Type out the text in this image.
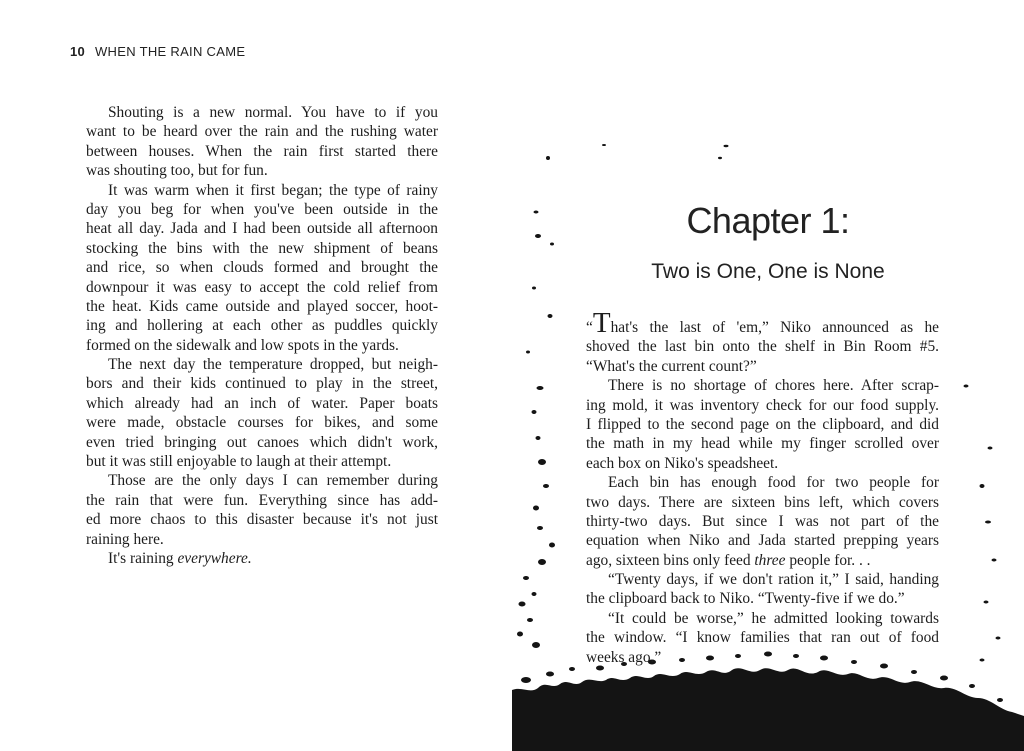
10 WHEN THE RAIN CAME
Shouting is a new normal. You have to if you
want to be heard over the rain and the rushing water
between houses. When the rain first started there
was shouting too, but for fun.
It was warm when it first began; the type of rainy
day you beg for when you've been outside in the
heat all day. Jada and I had been outside all afternoon
stocking the bins with the new shipment of beans
and rice, so when clouds formed and brought the
downpour it was easy to accept the cold relief from
the heat. Kids came outside and played soccer, hoot-
ing and hollering at each other as puddles quickly
formed on the sidewalk and low spots in the yards.
The next day the temperature dropped, but neigh-
bors and their kids continued to play in the street,
which already had an inch of water. Paper boats
were made, obstacle courses for bikes, and some
even tried bringing out canoes which didn't work,
but it was still enjoyable to laugh at their attempt.
Those are the only days I can remember during
the rain that were fun. Everything since has add-
ed more chaos to this disaster because it's not just
raining here.
It's raining everywhere.
Chapter 1:
Two is One, One is None
“That's the last of 'em,” Niko announced as he
shoved the last bin onto the shelf in Bin Room #5.
“What's the current count?”
There is no shortage of chores here. After scrap-
ing mold, it was inventory check for our food supply.
I flipped to the second page on the clipboard, and did
the math in my head while my finger scrolled over
each box on Niko's speadsheet.
Each bin has enough food for two people for
two days. There are sixteen bins left, which covers
thirty-two days. But since I was not part of the
equation when Niko and Jada started prepping years
ago, sixteen bins only feed three people for. . .
“Twenty days, if we don't ration it,” I said, handing
the clipboard back to Niko. “Twenty-five if we do.”
“It could be worse,” he admitted looking towards
the window. “I know families that ran out of food
weeks ago.”
